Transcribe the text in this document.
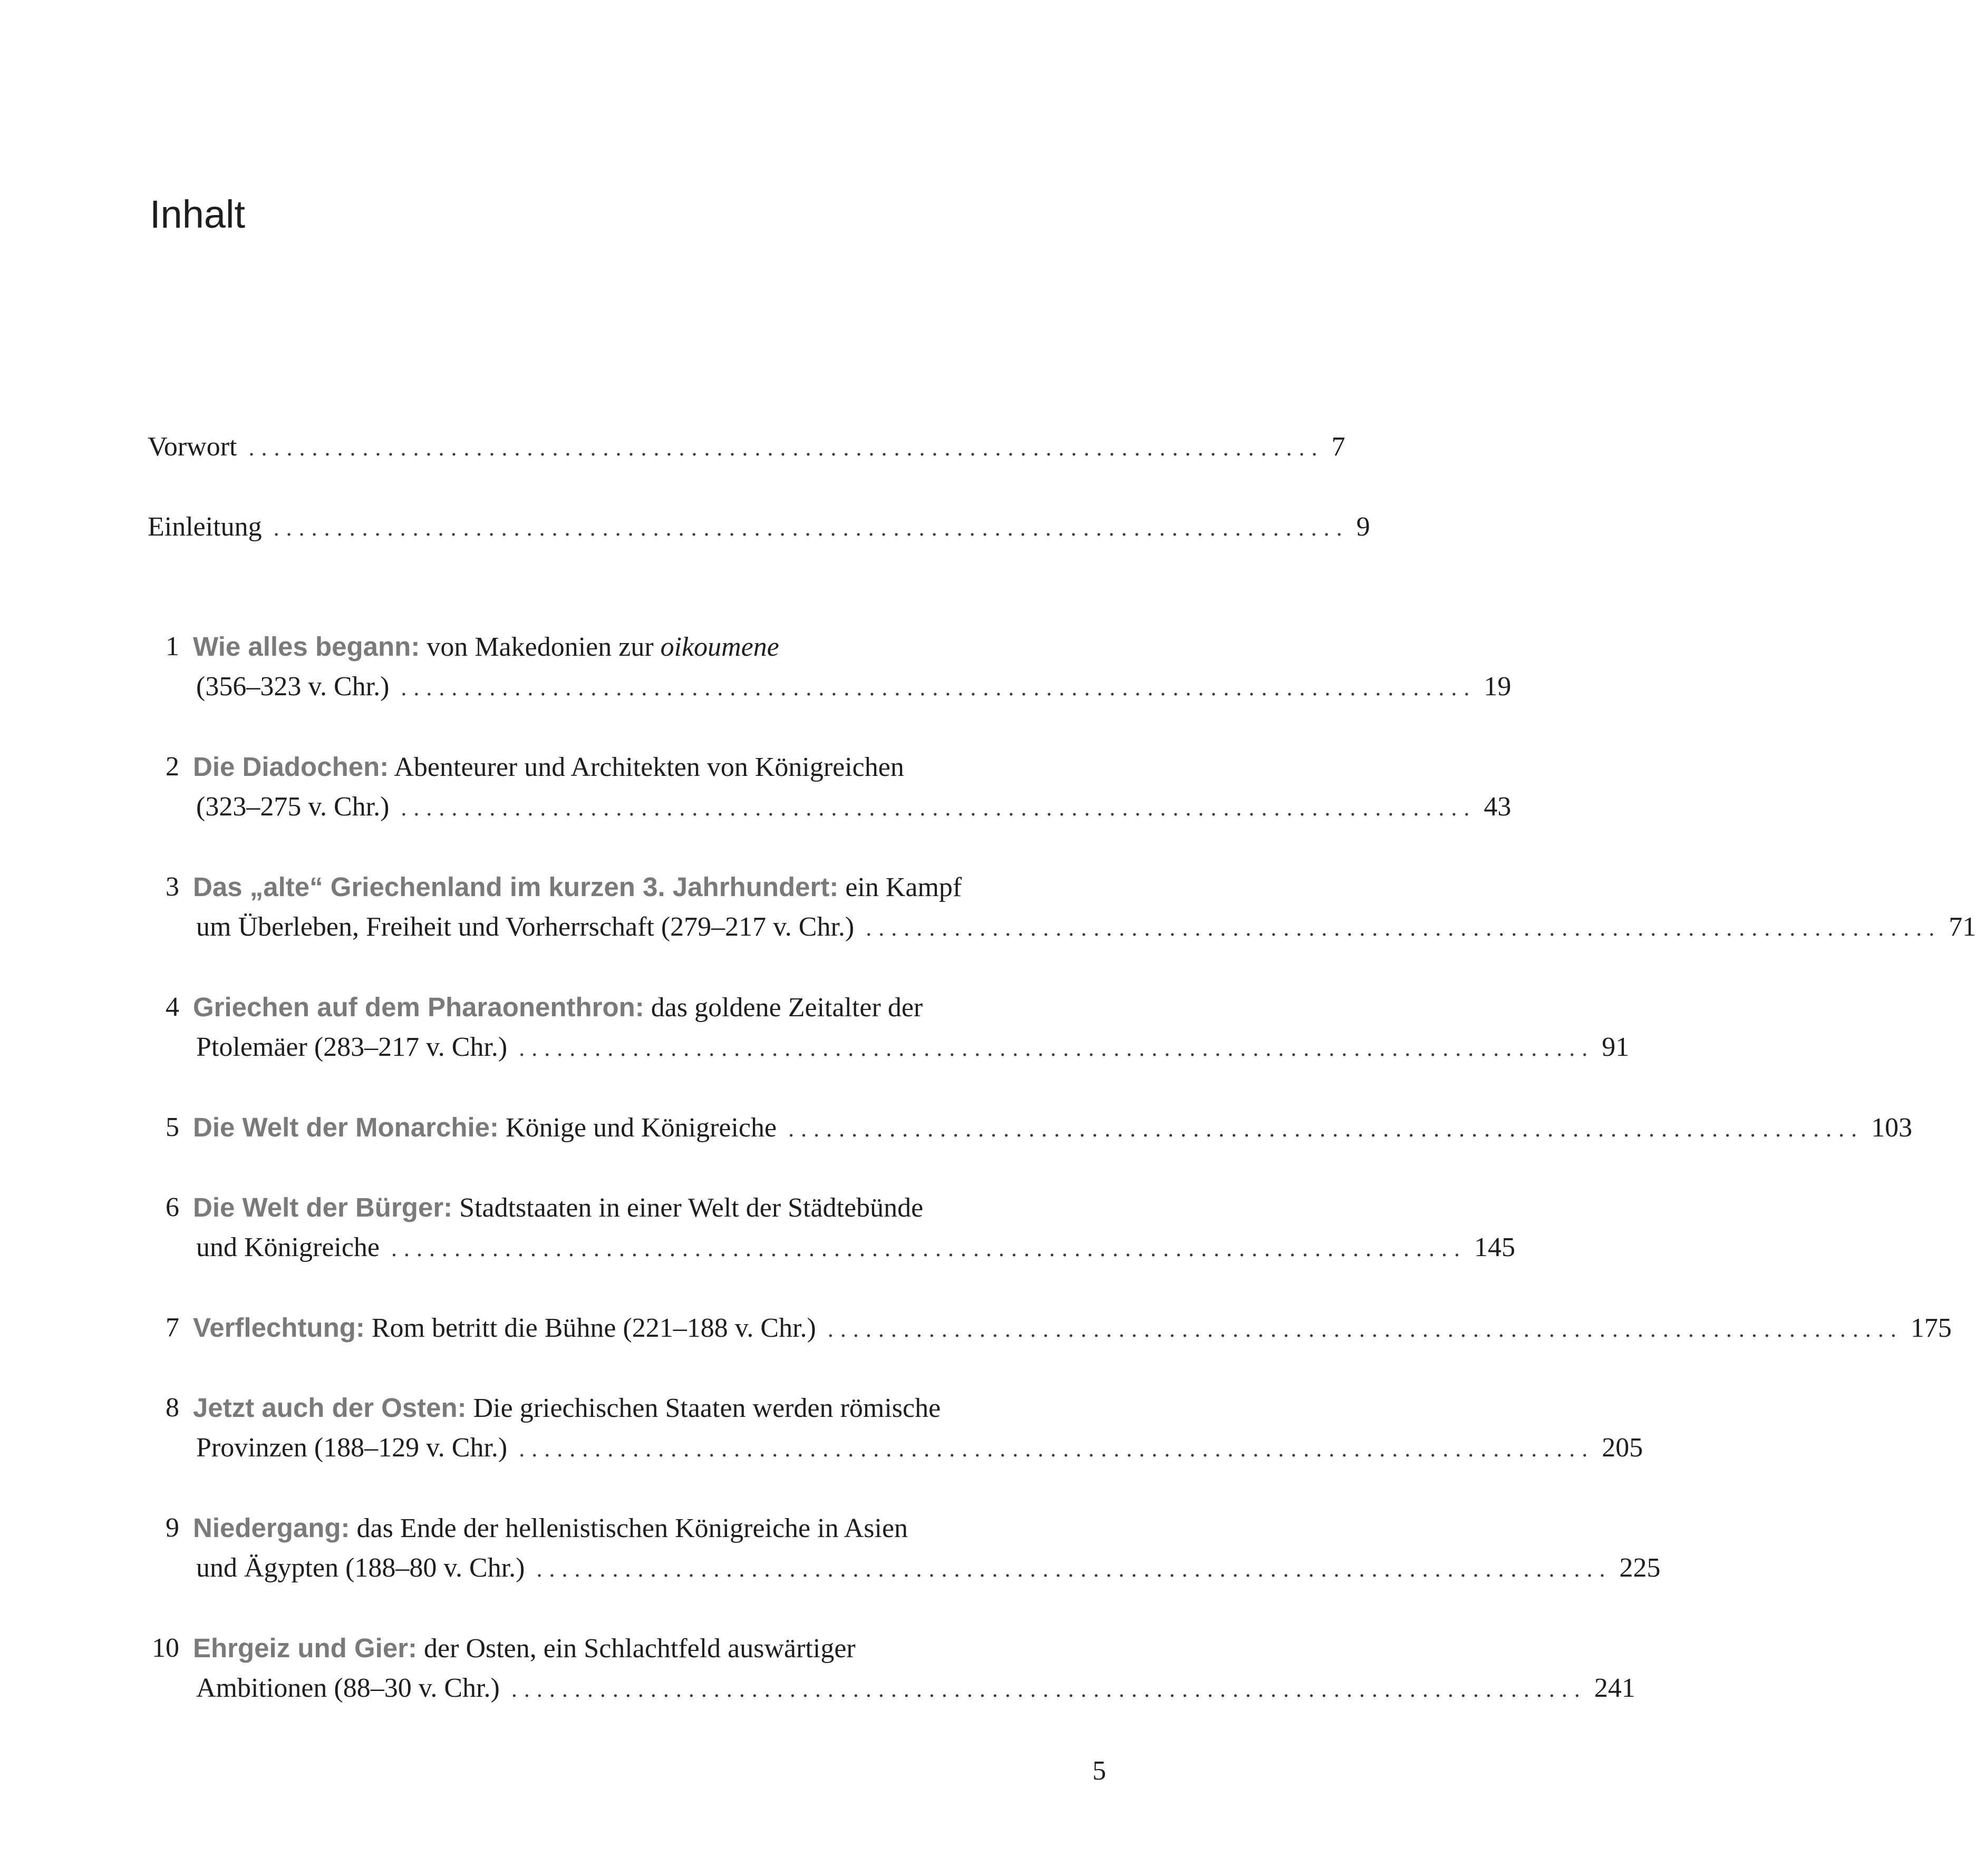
Inhalt
Vorwort ..................................................................................... 7
Einleitung ..................................................................................... 9
1 Wie alles begann: von Makedonien zur oikoumene
(356–323 v. Chr.) ..................................................................................... 19
2 Die Diadochen: Abenteurer und Architekten von Königreichen
(323–275 v. Chr.) ..................................................................................... 43
3 Das „alte“ Griechenland im kurzen 3. Jahrhundert: ein Kampf
um Überleben, Freiheit und Vorherrschaft (279–217 v. Chr.) ..................................................................................... 71
4 Griechen auf dem Pharaonenthron: das goldene Zeitalter der
Ptolemäer (283–217 v. Chr.) ..................................................................................... 91
5 Die Welt der Monarchie: Könige und Königreiche ..................................................................................... 103
6 Die Welt der Bürger: Stadtstaaten in einer Welt der Städtebünde
und Königreiche ..................................................................................... 145
7 Verflechtung: Rom betritt die Bühne (221–188 v. Chr.) ..................................................................................... 175
8 Jetzt auch der Osten: Die griechischen Staaten werden römische
Provinzen (188–129 v. Chr.) ..................................................................................... 205
9 Niedergang: das Ende der hellenistischen Königreiche in Asien
und Ägypten (188–80 v. Chr.) ..................................................................................... 225
10 Ehrgeiz und Gier: der Osten, ein Schlachtfeld auswärtiger
Ambitionen (88–30 v. Chr.) ..................................................................................... 241
5
